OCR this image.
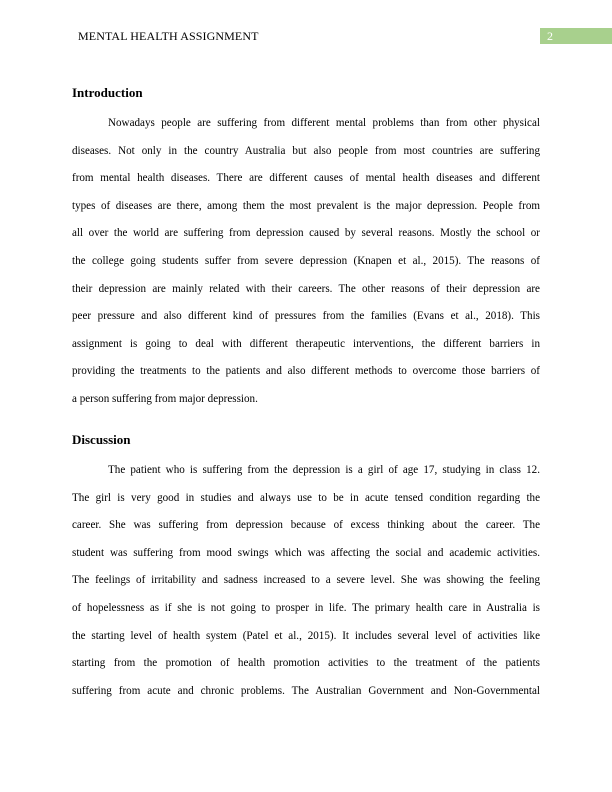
MENTAL HEALTH ASSIGNMENT	2
Introduction
Nowadays people are suffering from different mental problems than from other physical
diseases. Not only in the country Australia but also people from most countries are suffering
from mental health diseases. There are different causes of mental health diseases and different
types of diseases are there, among them the most prevalent is the major depression. People from
all over the world are suffering from depression caused by several reasons. Mostly the school or
the college going students suffer from severe depression (Knapen et al., 2015). The reasons of
their depression are mainly related with their careers. The other reasons of their depression are
peer pressure and also different kind of pressures from the families (Evans et al., 2018). This
assignment is going to deal with different therapeutic interventions, the different barriers in
providing the treatments to the patients and also different methods to overcome those barriers of
a person suffering from major depression.
Discussion
The patient who is suffering from the depression is a girl of age 17, studying in class 12.
The girl is very good in studies and always use to be in acute tensed condition regarding the
career. She was suffering from depression because of excess thinking about the career. The
student was suffering from mood swings which was affecting the social and academic activities.
The feelings of irritability and sadness increased to a severe level. She was showing the feeling
of hopelessness as if she is not going to prosper in life. The primary health care in Australia is
the starting level of health system (Patel et al., 2015). It includes several level of activities like
starting from the promotion of health promotion activities to the treatment of the patients
suffering from acute and chronic problems. The Australian Government and Non-Governmental
